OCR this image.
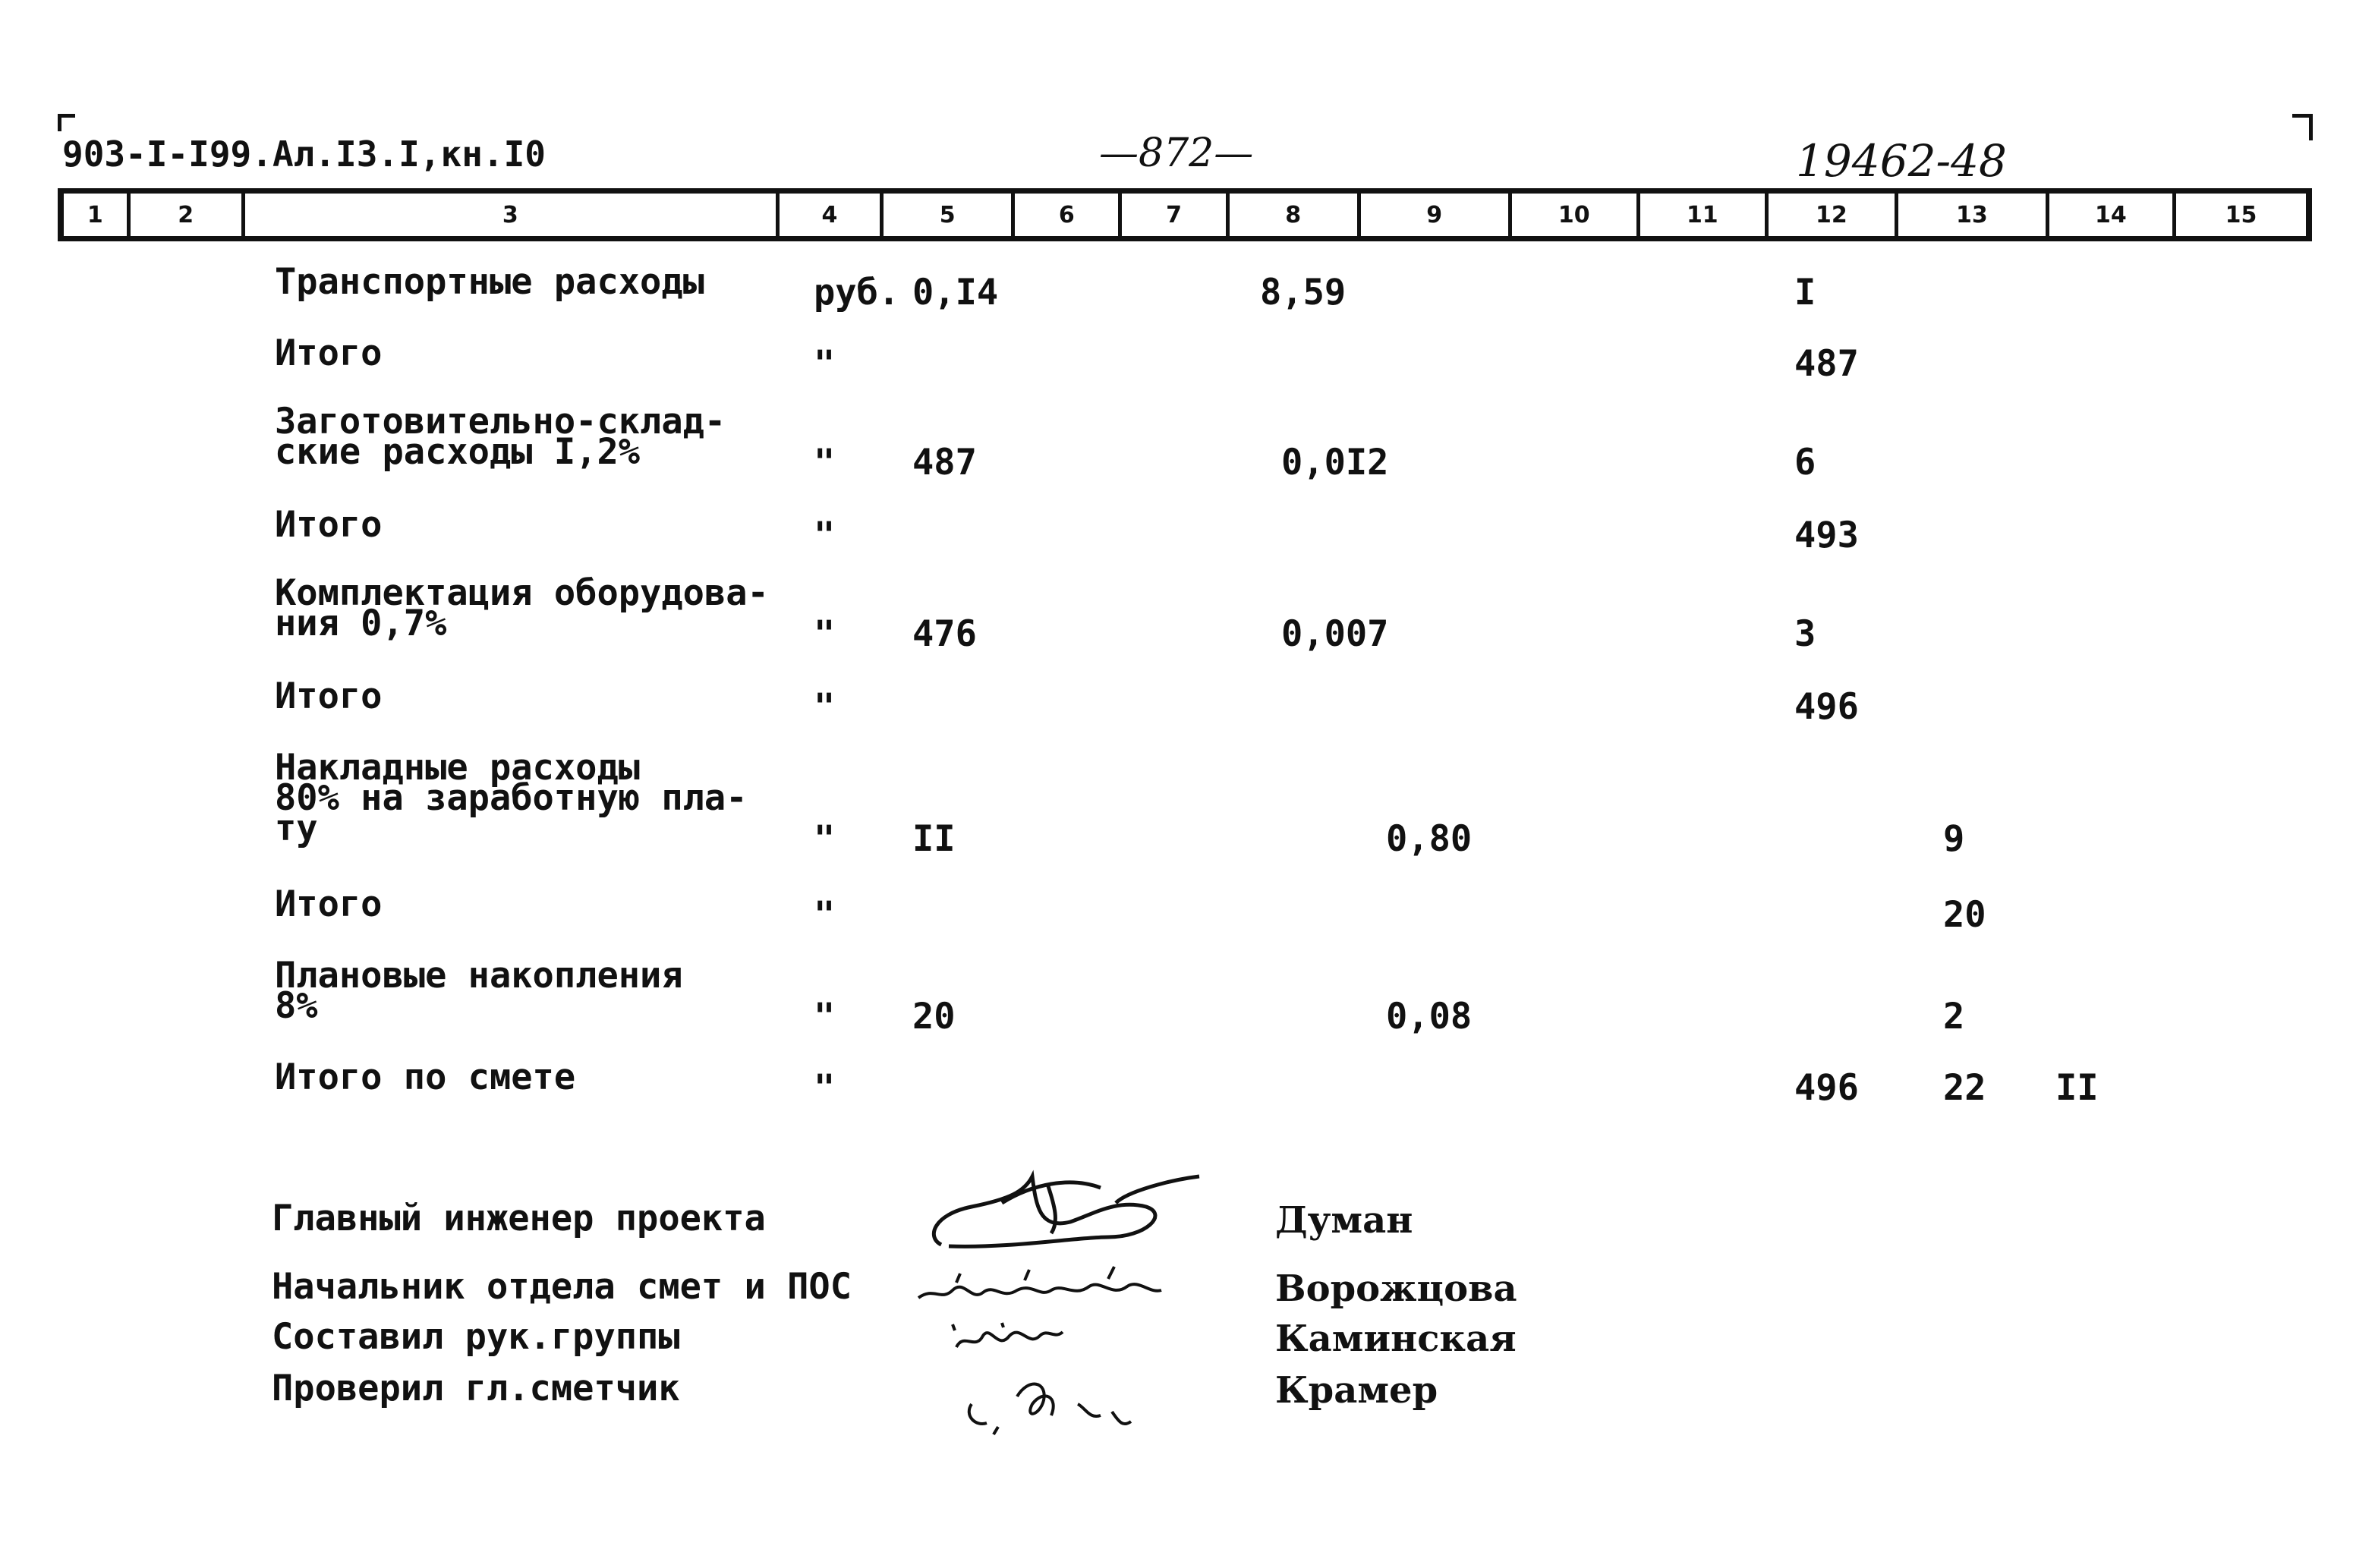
903-I-I99.Ал.I3.I,кн.I0	—872—	19462-48
1	2	3	4	5	6	7	8	9	10	11	12	13	14	15
Транспортные расходы	руб. 0,I4	8,59	I
Итого	"	487
Заготовительно-склад-
ские расходы I,2%	" 487	0,0I2	6
Итого	"	493
Комплектация оборудова-
ния 0,7%	" 476	0,007	3
Итого	"	496
Накладные расходы
80% на заработную пла-
ту	" II	0,80	9
Итого	"	20
Плановые накопления
8%	" 20	0,08	2
Итого по смете	"	496 22 II
Главный инженер проекта	Думан
Начальник отдела смет и ПОС	Ворожцова
Составил рук.группы	Каминская
Проверил гл.сметчик	Крамер
